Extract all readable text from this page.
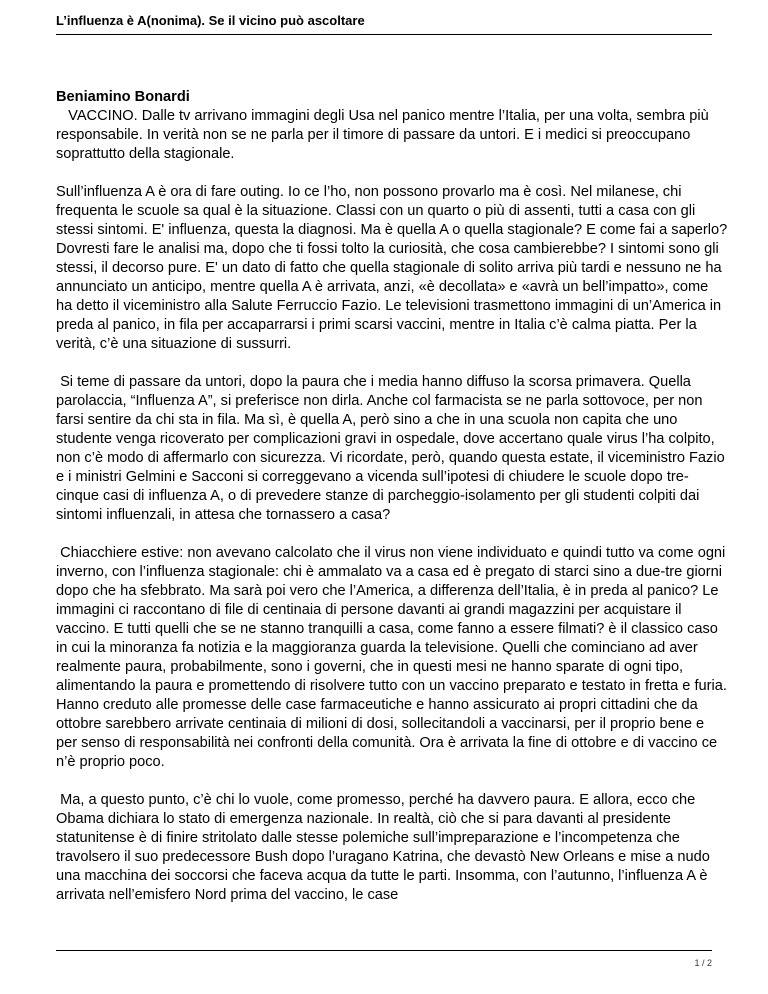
L’influenza è A(nonima). Se il vicino può ascoltare
Beniamino Bonardi

VACCINO. Dalle tv arrivano immagini degli Usa nel panico mentre l’Italia, per una volta, sembra più responsabile. In verità non se ne parla per il timore di passare da untori. E i medici si preoccupano soprattutto della stagionale.

Sull’influenza A è ora di fare outing. Io ce l’ho, non possono provarlo ma è così. Nel milanese, chi frequenta le scuole sa qual è la situazione. Classi con un quarto o più di assenti, tutti a casa con gli stessi sintomi. E' influenza, questa la diagnosi. Ma è quella A o quella stagionale? E come fai a saperlo? Dovresti fare le analisi ma, dopo che ti fossi tolto la curiosità, che cosa cambierebbe? I sintomi sono gli stessi, il decorso pure. E' un dato di fatto che quella stagionale di solito arriva più tardi e nessuno ne ha annunciato un anticipo, mentre quella A è arrivata, anzi, «è decollata» e «avrà un bell’impatto», come ha detto il viceministro alla Salute Ferruccio Fazio. Le televisioni trasmettono immagini di un’America in preda al panico, in fila per accaparrarsi i primi scarsi vaccini, mentre in Italia c’è calma piatta. Per la verità, c’è una situazione di sussurri.

Si teme di passare da untori, dopo la paura che i media hanno diffuso la scorsa primavera. Quella parolaccia, “Influenza A”, si preferisce non dirla. Anche col farmacista se ne parla sottovoce, per non farsi sentire da chi sta in fila. Ma sì, è quella A, però sino a che in una scuola non capita che uno studente venga ricoverato per complicazioni gravi in ospedale, dove accertano quale virus l’ha colpito, non c’è modo di affermarlo con sicurezza. Vi ricordate, però, quando questa estate, il viceministro Fazio e i ministri Gelmini e Sacconi si correggevano a vicenda sull’ipotesi di chiudere le scuole dopo tre-cinque casi di influenza A, o di prevedere stanze di parcheggio-isolamento per gli studenti colpiti dai sintomi influenzali, in attesa che tornassero a casa?

Chiacchiere estive: non avevano calcolato che il virus non viene individuato e quindi tutto va come ogni inverno, con l’influenza stagionale: chi è ammalato va a casa ed è pregato di starci sino a due-tre giorni dopo che ha sfebbrato. Ma sarà poi vero che l’America, a differenza dell’Italia, è in preda al panico? Le immagini ci raccontano di file di centinaia di persone davanti ai grandi magazzini per acquistare il vaccino. E tutti quelli che se ne stanno tranquilli a casa, come fanno a essere filmati? è il classico caso in cui la minoranza fa notizia e la maggioranza guarda la televisione. Quelli che cominciano ad aver realmente paura, probabilmente, sono i governi, che in questi mesi ne hanno sparate di ogni tipo, alimentando la paura e promettendo di risolvere tutto con un vaccino preparato e testato in fretta e furia. Hanno creduto alle promesse delle case farmaceutiche e hanno assicurato ai propri cittadini che da ottobre sarebbero arrivate centinaia di milioni di dosi, sollecitandoli a vaccinarsi, per il proprio bene e per senso di responsabilità nei confronti della comunità. Ora è arrivata la fine di ottobre e di vaccino ce n’è proprio poco.

Ma, a questo punto, c’è chi lo vuole, come promesso, perché ha davvero paura. E allora, ecco che Obama dichiara lo stato di emergenza nazionale. In realtà, ciò che si para davanti al presidente statunitense è di finire stritolato dalle stesse polemiche sull’impreparazione e l’incompetenza che travolsero il suo predecessore Bush dopo l’uragano Katrina, che devastò New Orleans e mise a nudo una macchina dei soccorsi che faceva acqua da tutte le parti. Insomma, con l’autunno, l’influenza A è arrivata nell’emisfero Nord prima del vaccino, le case

1 / 2
